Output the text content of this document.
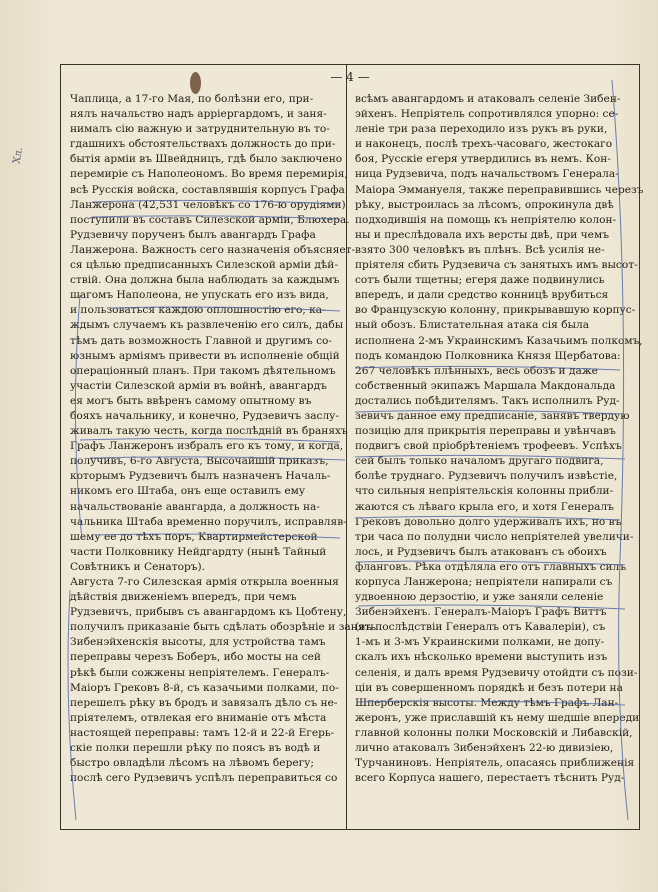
Хл.
— 4 —
Чаплица, а 17-го Мая, по болѣзни его, при-
нялъ начальство надъ арріергардомъ, и заня-
нималъ сію важную и затруднительную въ то-
гдашнихъ обстоятельствахъ должность до при-
бытія арміи въ Швейдницъ, гдѣ было заключено
перемиріе съ Наполеономъ. Во время перемирія,
всѣ Русскія войска, составлявшія корпусъ Графа
Ланжерона (42,531 человѣкъ со 176-ю орудіями)
поступили въ составъ Силезской арміи, Блюхера.
Рудзевичу порученъ былъ авангардъ Графа
Ланжерона. Важность сего назначенія объясняет-
ся цѣлью предписанныхъ Силезской арміи дѣй-
ствій. Она должна была наблюдать за каждымъ
шагомъ Наполеона, не упускать его изъ вида,
и пользоваться каждою оплошностію его, ка-
ждымъ случаемъ къ развлеченію его силъ, дабы
тѣмъ дать возможность Главной и другимъ со-
юзнымъ арміямъ привести въ исполненіе общій
операціонный планъ. При такомъ дѣятельномъ
участіи Силезской арміи въ войнѣ, авангардъ
ея могъ быть ввѣренъ самому опытному въ
бояхъ начальнику, и конечно, Рудзевичъ заслу-
живалъ такую честь, когда послѣдній въ браняхъ
Графъ Ланжеронъ избралъ его къ тому, и когда,
получивъ, 6-го Августа, Высочайшій приказъ,
которымъ Рудзевичъ былъ назначенъ Началь-
никомъ его Штаба, онъ еще оставилъ ему
начальствованіе авангарда, а должность на-
чальника Штаба временно поручилъ, исправляв-
шему ее до тѣхъ поръ, Квартирмейстерской
части Полковнику Нейдгардту (нынѣ Тайный
Совѣтникъ и Сенаторъ).
Августа 7-го Силезская армія открыла военныя
дѣйствія движеніемъ впередъ, при чемъ
Рудзевичъ, прибывъ съ авангардомъ къ Цобтену,
получилъ приказаніе быть сдѣлать обозрѣніе и занять
Зибенэйхенскія высоты, для устройства тамъ
переправы черезъ Боберъ, ибо мосты на сей
рѣкѣ были сожжены непріятелемъ. Генералъ-
Маіоръ Грековъ 8-й, съ казачьими полками, по-
перешелъ рѣку въ бродъ и завязалъ дѣло съ не-
пріятелемъ, отвлекая его вниманіе отъ мѣста
настоящей переправы: тамъ 12-й и 22-й Егерь-
скіе полки перешли рѣку по поясъ въ водѣ и
быстро овладѣли лѣсомъ на лѣвомъ берегу;
послѣ сего Рудзевичъ успѣлъ переправиться со
всѣмъ авангардомъ и атаковалъ селеніе Зибен-
эйхенъ. Непріятель сопротивлялся упорно: се-
леніе три раза переходило изъ рукъ въ руки,
и наконецъ, послѣ трехъ-часоваго, жестокаго
боя, Русскіе егеря утвердились въ немъ. Кон-
ница Рудзевича, подъ начальствомъ Генерала-
Маіора Эммануеля, также переправившись черезъ
рѣку, выстроилась за лѣсомъ, опрокинула двѣ
подходившія на помощь къ непріятелю колон-
ны и преслѣдовала ихъ версты двѣ, при чемъ
взято 300 человѣкъ въ плѣнъ. Всѣ усилія не-
пріятеля сбить Рудзевича съ занятыхъ имъ высот-
сотъ были тщетны; егеря даже подвинулись
впередъ, и дали средство конницѣ врубиться
во Французскую колонну, прикрывавшую корпус-
ный обозъ. Блистательная атака сія была
исполнена 2-мъ Украинскимъ Казачьимъ полкомъ,
подъ командою Полковника Князя Щербатова:
267 человѣкъ плѣнныхъ, весь обозъ и даже
собственный экипажъ Маршала Макдональда
достались побѣдителямъ. Такъ исполнилъ Руд-
зевичъ данное ему предписаніе, занявъ твердую
позицію для прикрытія переправы и увѣнчавъ
подвигъ свой пріобрѣтеніемъ трофеевъ. Успѣхъ
сей былъ только началомъ другаго подвига,
болѣе труднаго. Рудзевичъ получилъ извѣстіе,
что сильныя непріятельскія колонны прибли-
жаются съ лѣваго крыла его, и хотя Генералъ
Грековъ довольно долго удерживалъ ихъ, но въ
три часа по полудни число непріятелей увеличи-
лось, и Рудзевичъ былъ атакованъ съ обоихъ
фланговъ. Рѣка отдѣляла его отъ главныхъ силъ
корпуса Ланжерона; непріятели напирали съ
удвоенною дерзостію, и уже заняли селеніе
Зибенэйхенъ. Генералъ-Маіоръ Графъ Виттъ
(въ послѣдствіи Генералъ отъ Кавалеріи), съ
1-мъ и 3-мъ Украинскими полками, не допу-
скалъ ихъ нѣсколько времени выступить изъ
селенія, и далъ время Рудзевичу отойдти съ пози-
ціи въ совершенномъ порядкѣ и безъ потери на
Шперберскія высоты. Между тѣмъ Графъ Лан-
жеронъ, уже приславшій къ нему шедшіе впереди
главной колонны полки Московскій и Либавскій,
лично атаковалъ Зибенэйхенъ 22-ю дивизіею,
Турчаниновъ. Непріятель, опасаясь приближенія
всего Корпуса нашего, перестаетъ тѣснить Руд-
